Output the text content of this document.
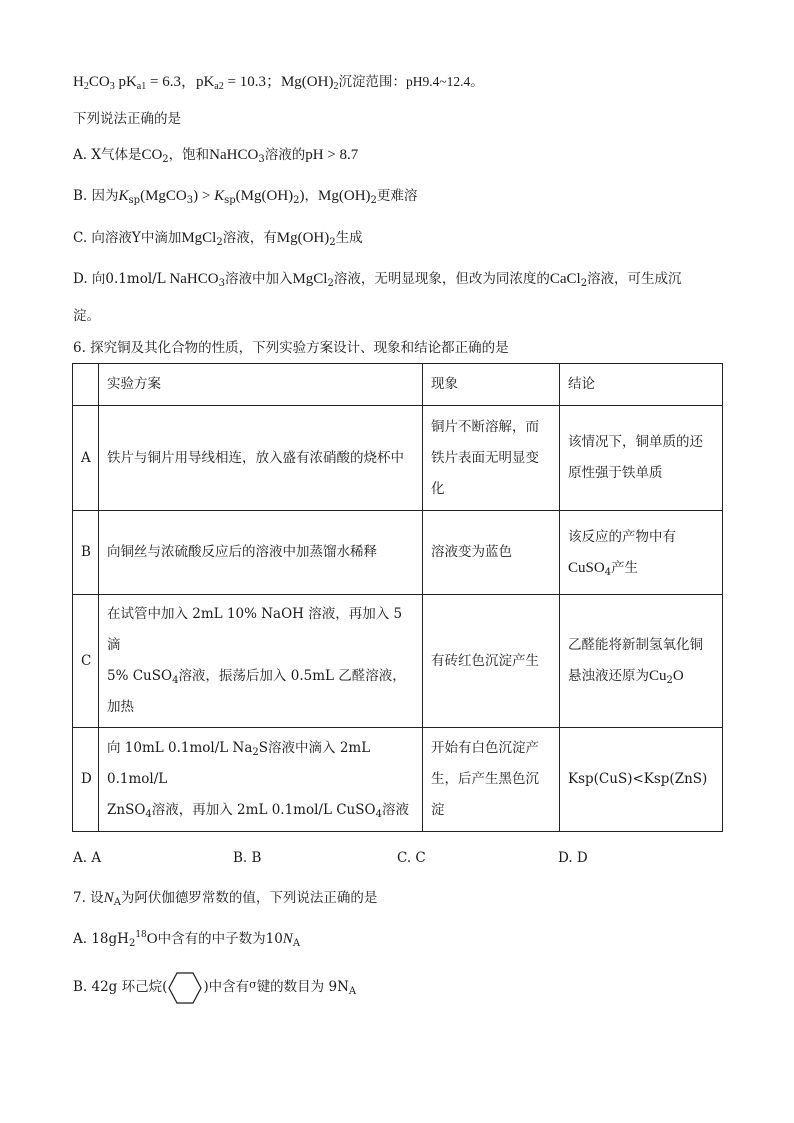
$H_2CO_3$ $pK_{a1} = 6.3$，$pK_{a2} = 10.3$；$Mg(OH)_2$沉淀范围：pH9.4~12.4。
下列说法正确的是
A. X气体是$CO_2$，饱和NaHCO$_3$溶液的pH > 8.7
B. 因为$K_{sp}(MgCO_3) > K_{sp}(Mg(OH)_2)$，$Mg(OH)_2$更难溶
C. 向溶液Y中滴加MgCl$_2$溶液，有$Mg(OH)_2$生成
D. 向0.1mol/L NaHCO$_3$溶液中加入MgCl$_2$溶液，无明显现象，但改为同浓度的CaCl$_2$溶液，可生成沉
淀。
6. 探究铜及其化合物的性质，下列实验方案设计、现象和结论都正确的是
	实验方案	现象	结论
A	铁片与铜片用导线相连，放入盛有浓硝酸的烧杯中	铜片不断溶解，而
铁片表面无明显变
化	该情况下，铜单质的还
原性强于铁单质

B	向铜丝与浓硫酸反应后的溶液中加蒸馏水稀释	溶液变为蓝色	该反应的产物中有
CuSO$_4$产生

C	在试管中加入 2mL 10% NaOH 溶液，再加入 5 滴
5% CuSO$_4$溶液，振荡后加入 0.5mL 乙醛溶液，
加热	有砖红色沉淀产生	乙醛能将新制氢氧化铜
悬浊液还原为$Cu_2O$

D	向 10mL 0.1mol/L $Na_2S$溶液中滴入 2mL 0.1mol/L
ZnSO$_4$溶液，再加入 2mL 0.1mol/L CuSO$_4$溶液	开始有白色沉淀产
生，后产生黑色沉
淀	Ksp(CuS)<Ksp(ZnS)
A. A	B. B	C. C	D. D
7. 设$N_A$为阿伏伽德罗常数的值，下列说法正确的是
A. $18gH_2^{18}O$中含有的中子数为$10N_A$
B. 42g 环己烷(	)中含有$^\sigma$键的数目为 $9N_A$
